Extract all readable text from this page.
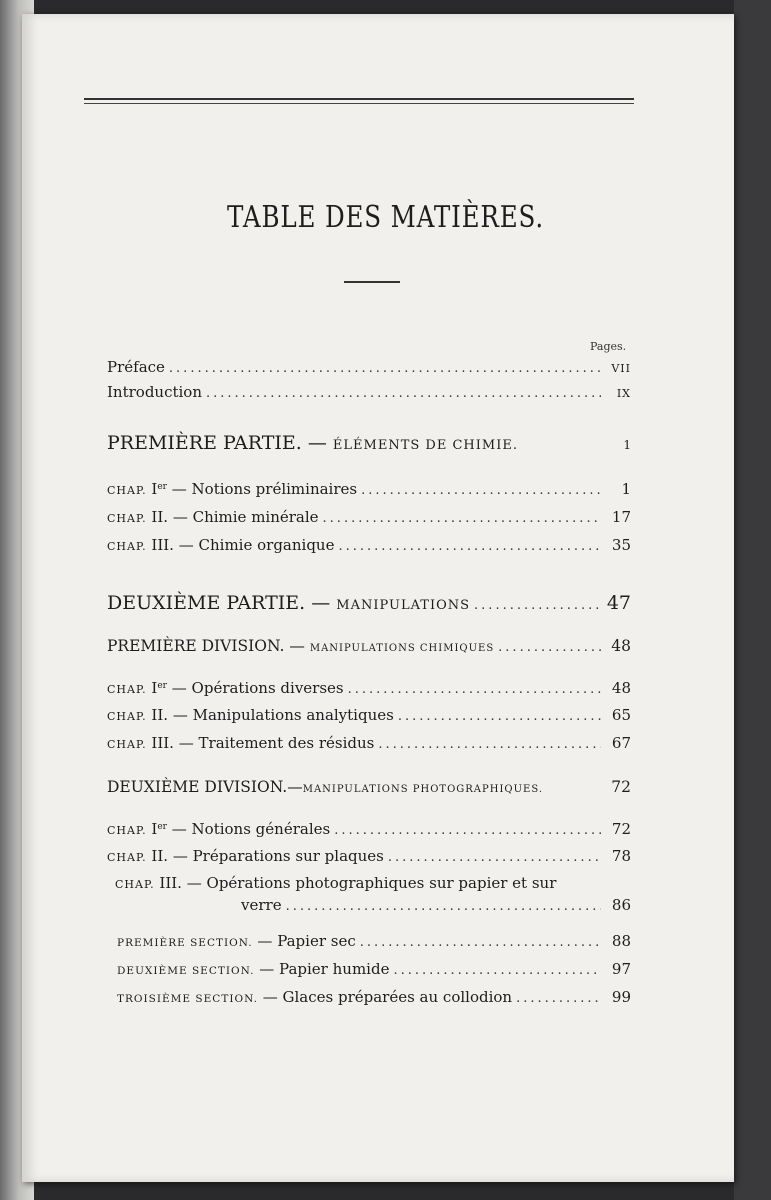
TABLE DES MATIÈRES.
Pages.
Préface .....	VII
Introduction .....	IX
PREMIÈRE PARTIE. — ÉLÉMENTS DE CHIMIE.	1
CHAP. Ier — Notions préliminaires .....	1
CHAP. II. — Chimie minérale .....	17
CHAP. III. — Chimie organique .....	35
DEUXIÈME PARTIE. — MANIPULATIONS .....	47
PREMIÈRE DIVISION. — MANIPULATIONS CHIMIQUES .....	48
CHAP. Ier — Opérations diverses .....	48
CHAP. II. — Manipulations analytiques .....	65
CHAP. III. — Traitement des résidus .....	67
DEUXIÈME DIVISION.—MANIPULATIONS PHOTOGRAPHIQUES.	72
CHAP. Ier — Notions générales .....	72
CHAP. II. — Préparations sur plaques .....	78
CHAP. III. — Opérations photographiques sur papier et sur
verre .....	86
PREMIÈRE SECTION. — Papier sec .....	88
DEUXIÈME SECTION. — Papier humide .....	97
TROISIÈME SECTION. — Glaces préparées au collodion .....	99
